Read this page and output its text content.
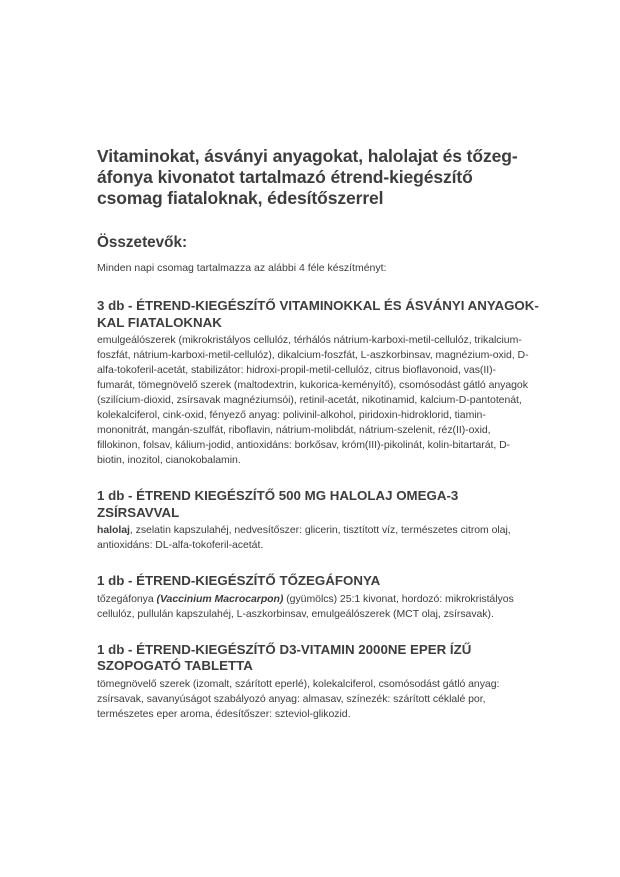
Vitaminokat, ásványi anyagokat, halolajat és tőzeg-
áfonya kivonatot tartalmazó étrend-kiegészítő
csomag fiataloknak, édesítőszerrel
Összetevők:

Minden napi csomag tartalmazza az alábbi 4 féle készítményt:

3 db - ÉTREND-KIEGÉSZÍTŐ VITAMINOKKAL ÉS ÁSVÁNYI ANYAGOK-
KAL FIATALOKNAK

emulgeálószerek (mikrokristályos cellulóz, térhálós nátrium-karboxi-metil-cellulóz, trikalcium-foszfát, nátrium-karboxi-metil-cellulóz), dikalcium-foszfát, L-aszkorbinsav, magnézium-oxid, D-alfa-tokoferil-acetát, stabilizátor: hidroxi-propil-metil-cellulóz, citrus bioflavonoid, vas(II)-fumarát, tömegnövelő szerek (maltodextrin, kukorica-keményítő), csomósodást gátló anyagok (szilícium-dioxid, zsírsavak magnéziumsói), retinil-acetát, nikotinamid, kalcium-D-pantotenát, kolekalciferol, cink-oxid, fényező anyag: polivinil-alkohol, piridoxin-hidroklorid, tiamin-mononitrát, mangán-szulfát, riboflavin, nátrium-molibdát, nátrium-szelenit, réz(II)-oxid, fillokinon, folsav, kálium-jodid, antioxidáns: borkősav, króm(III)-pikolinát, kolin-bitartarát, D-biotin, inozitol, cianokobalamin.

1 db - ÉTREND KIEGÉSZÍTŐ 500 MG HALOLAJ OMEGA-3
ZSÍRSAVVAL

halolaj, zselatin kapszulahéj, nedvesítőszer: glicerin, tisztított víz, természetes citrom olaj, antioxidáns: DL-alfa-tokoferil-acetát.

1 db - ÉTREND-KIEGÉSZÍTŐ TŐZEGÁFONYA

tőzegáfonya (Vaccinium Macrocarpon) (gyümölcs) 25:1 kivonat, hordozó: mikrokristályos cellulóz, pullulán kapszulahéj, L-aszkorbinsav, emulgeálószerek (MCT olaj, zsírsavak).

1 db - ÉTREND-KIEGÉSZÍTŐ D3-VITAMIN 2000NE EPER ÍZŰ
SZOPOGATÓ TABLETTA

tömegnövelő szerek (izomalt, szárított eperlé), kolekalciferol, csomósodást gátló anyag: zsírsavak, savanyúságot szabályozó anyag: almasav, színezék: szárított céklalé por, természetes eper aroma, édesítőszer: szteviol-glikozid.
